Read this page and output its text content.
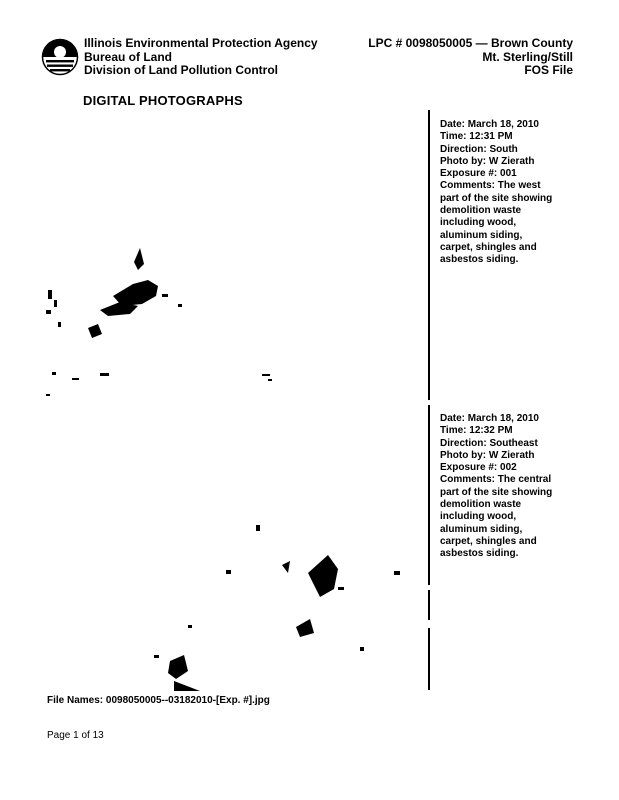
Illinois Environmental Protection Agency
Bureau of Land
Division of Land Pollution Control
LPC # 0098050005 — Brown County
Mt. Sterling/Still
FOS File
DIGITAL PHOTOGRAPHS
Date: March 18, 2010
Time: 12:31 PM
Direction: South
Photo by: W Zierath
Exposure #: 001
Comments: The west
part of the site showing
demolition waste
including wood,
aluminum siding,
carpet, shingles and
asbestos siding.
Date: March 18, 2010
Time: 12:32 PM
Direction: Southeast
Photo by: W Zierath
Exposure #: 002
Comments: The central
part of the site showing
demolition waste
including wood,
aluminum siding,
carpet, shingles and
asbestos siding.
File Names: 0098050005--03182010-[Exp. #].jpg
Page 1 of 13
